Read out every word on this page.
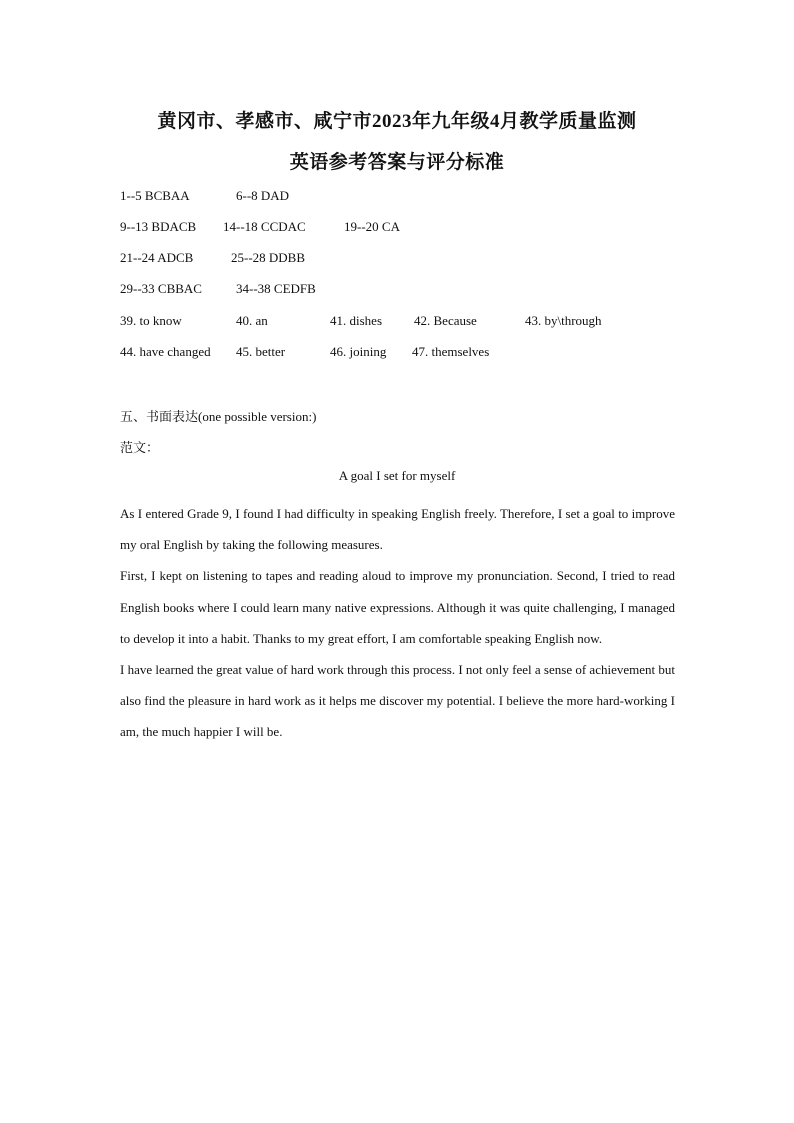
黄冈市、孝感市、咸宁市2023年九年级4月教学质量监测
英语参考答案与评分标准
1--5 BCBAA	6--8 DAD
9--13 BDACB 14--18 CCDAC	19--20 CA
21--24 ADCB	25--28 DDBB
29--33 CBBAC	34--38 CEDFB
39. to know	40. an	41. dishes 42. Because	43. by\through
44. have changed 45. better	46. joining 47. themselves
五、书面表达(one possible version:)
范文：
A goal I set for myself

As I entered Grade 9, I found I had difficulty in speaking English freely. Therefore, I set a goal to improve my oral English by taking the following measures.

First, I kept on listening to tapes and reading aloud to improve my pronunciation. Second, I tried to read English books where I could learn many native expressions. Although it was quite challenging, I managed to develop it into a habit. Thanks to my great effort, I am comfortable speaking English now.

I have learned the great value of hard work through this process. I not only feel a sense of achievement but also find the pleasure in hard work as it helps me discover my potential. I believe the more hard-working I am, the much happier I will be.
